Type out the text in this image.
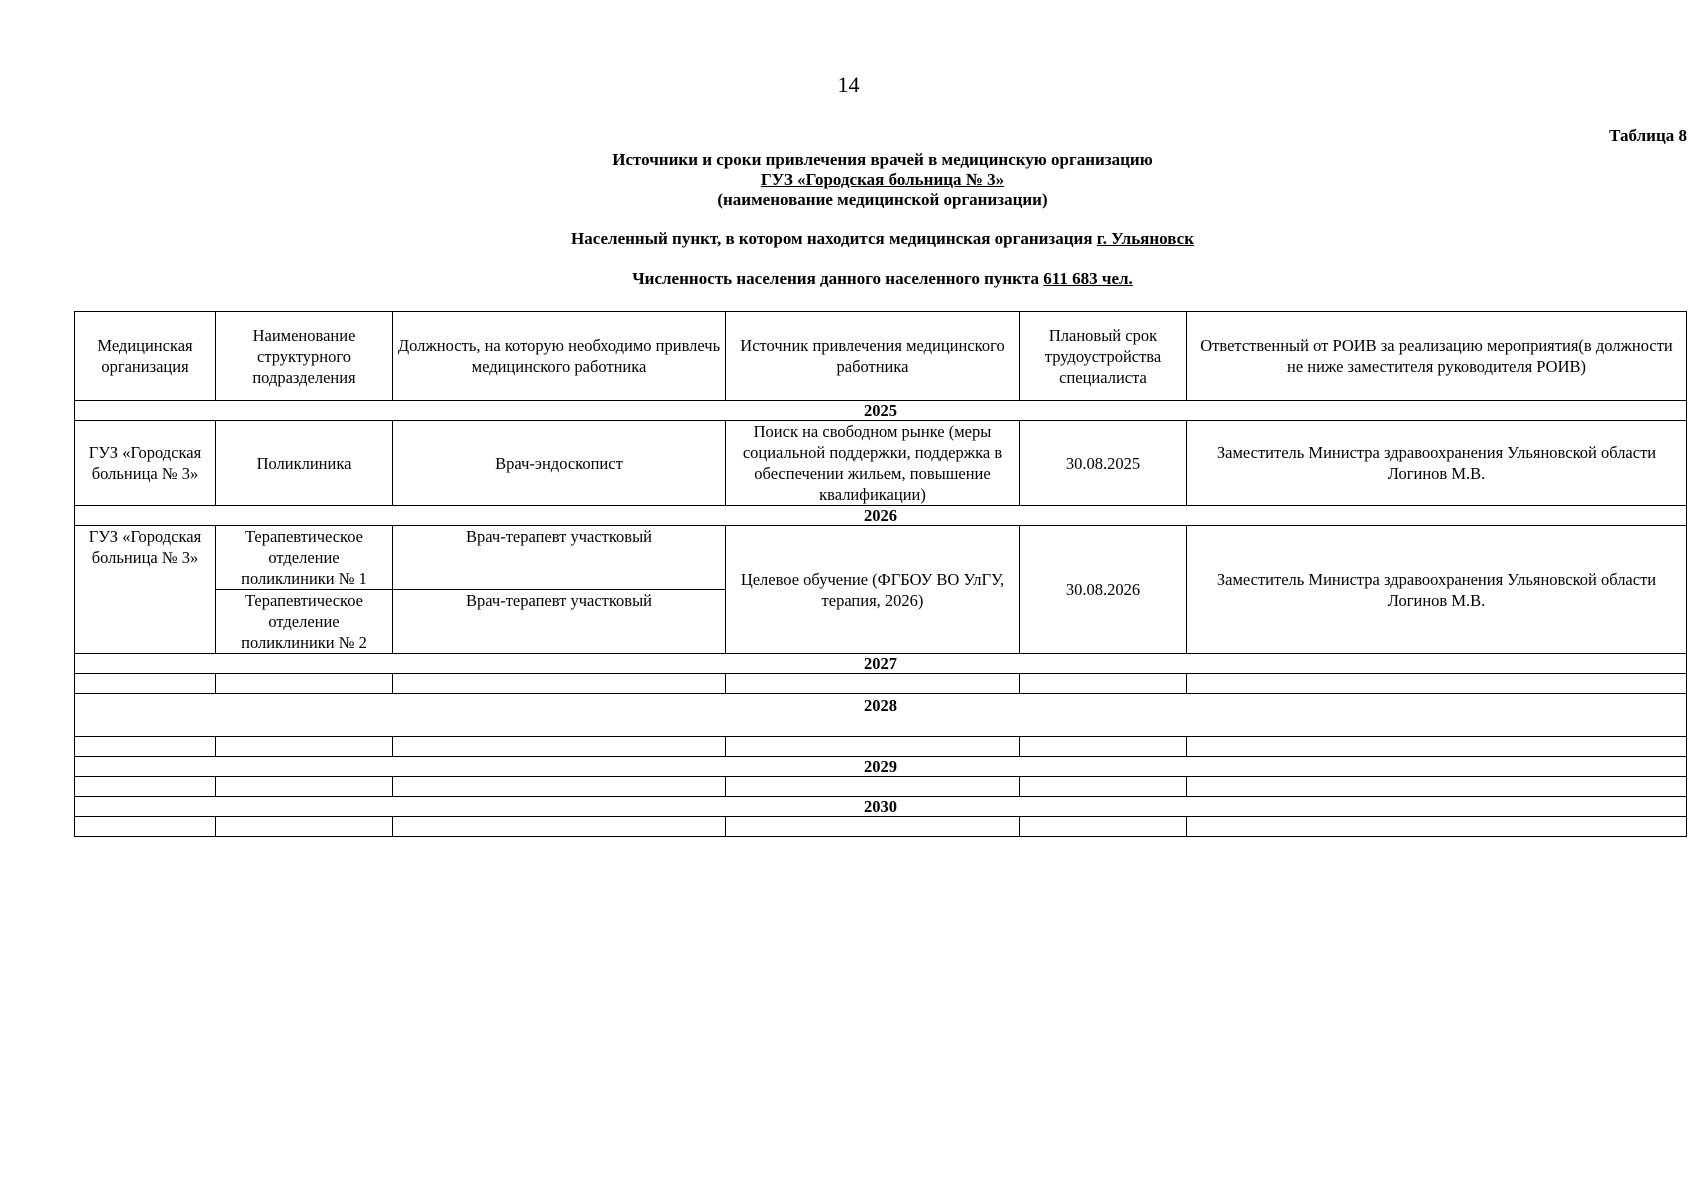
14
Таблица 8
Источники и сроки привлечения врачей в медицинскую организацию
ГУЗ «Городская больница № 3»
(наименование медицинской организации)
Населенный пункт, в котором находится медицинская организация г. Ульяновск
Численность населения данного населенного пункта 611 683 чел.
Медицинская организация	Наименование структурного подразделения	Должность, на которую необходимо привлечь медицинского работника	Источник привлечения медицинского работника	Плановый срок трудоустройства специалиста	Ответственный от РОИВ за реализацию мероприятия(в должности не ниже заместителя руководителя РОИВ)
2025					
ГУЗ «Городская больница № 3»	Поликлиника	Врач-эндоскопист	Поиск на свободном рынке (меры социальной поддержки, поддержка в обеспечении жильем, повышение квалификации)	30.08.2025	Заместитель Министра здравоохранения Ульяновской области Логинов М.В.
2026					
ГУЗ «Городская больница № 3»	Терапевтическое отделение поликлиники № 1	Врач-терапевт участковый	Целевое обучение (ФГБОУ ВО УлГУ, терапия, 2026)	30.08.2026	Заместитель Министра здравоохранения Ульяновской области Логинов М.В.
	Терапевтическое отделение поликлиники № 2	Врач-терапевт участковый			
2027					

2028					

2029					

2030					
